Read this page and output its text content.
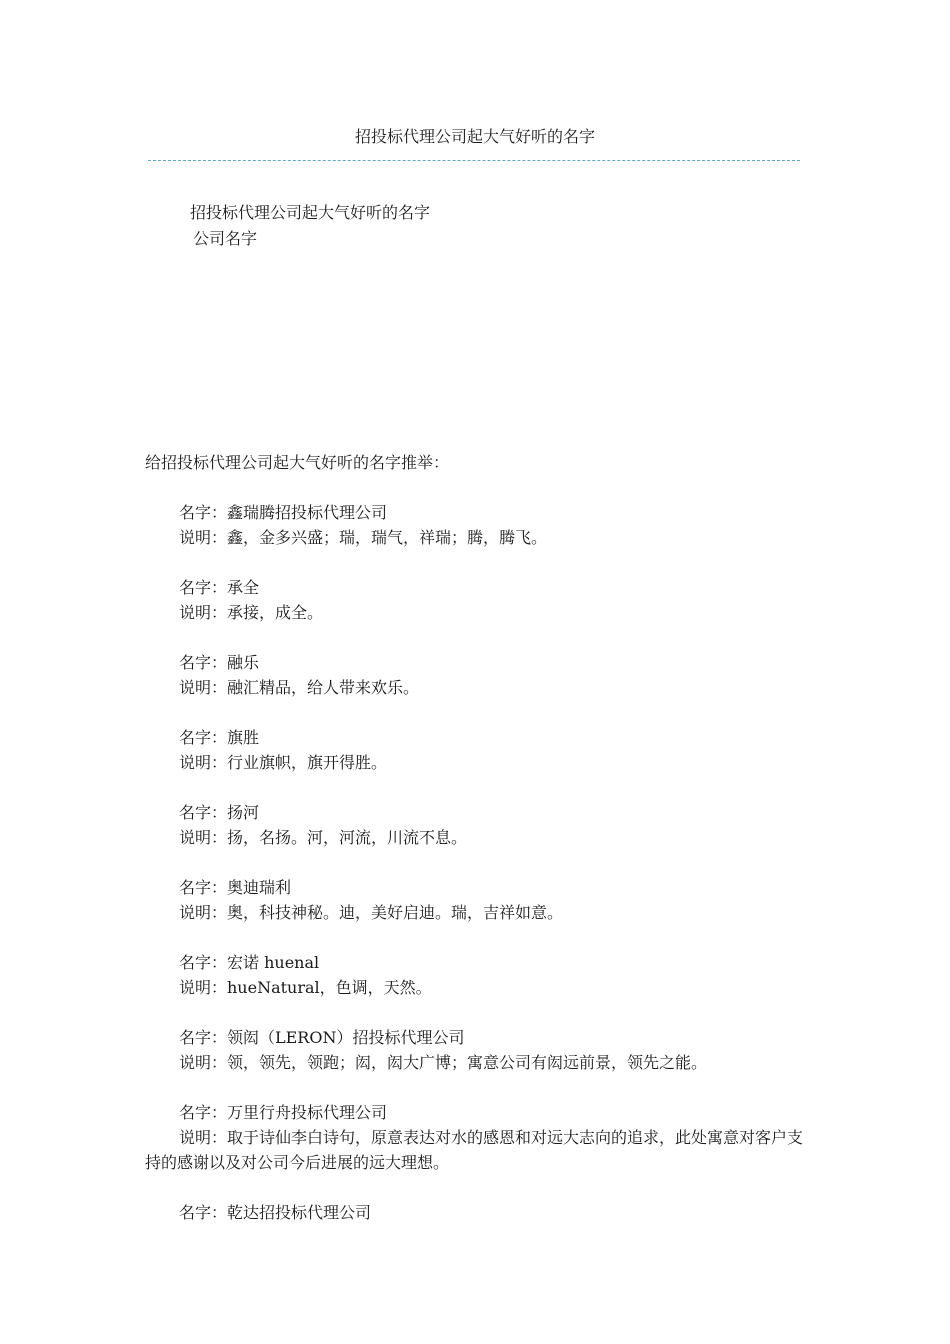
招投标代理公司起大气好听的名字
招投标代理公司起大气好听的名字
公司名字
给招投标代理公司起大气好听的名字推举：

名字：鑫瑞腾招投标代理公司

说明：鑫，金多兴盛；瑞，瑞气，祥瑞；腾，腾飞。

名字：承全

说明：承接，成全。

名字：融乐

说明：融汇精品，给人带来欢乐。

名字：旗胜

说明：行业旗帜，旗开得胜。

名字：扬河

说明：扬，名扬。河，河流，川流不息。

名字：奥迪瑞利

说明：奥，科技神秘。迪，美好启迪。瑞，吉祥如意。

名字：宏诺 huenal

说明：hueNatural，色调，天然。

名字：领闳（LERON）招投标代理公司

说明：领，领先，领跑；闳，闳大广博；寓意公司有闳远前景，领先之能。

名字：万里行舟投标代理公司

说明：取于诗仙李白诗句，原意表达对水的感恩和对远大志向的追求，此处寓意对客户支持的感谢以及对公司今后进展的远大理想。

名字：乾达招投标代理公司
